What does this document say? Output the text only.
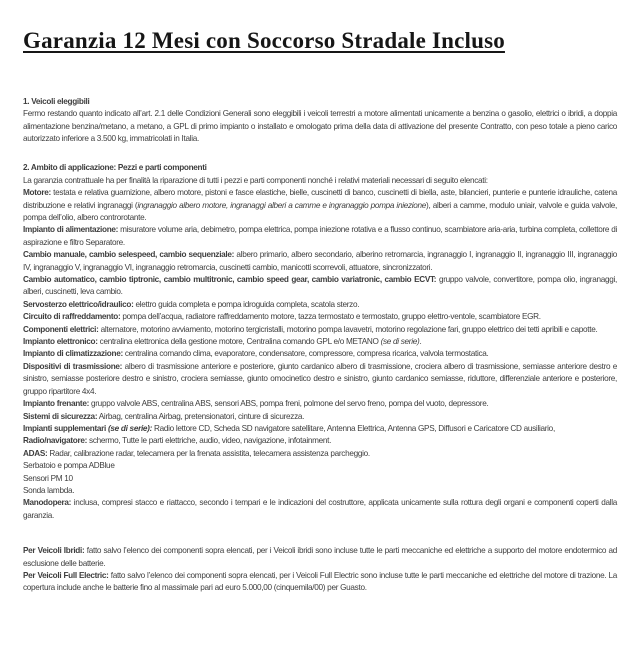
Garanzia 12 Mesi con Soccorso Stradale Incluso

1. Veicoli eleggibili

Fermo restando quanto indicato all’art. 2.1 delle Condizioni Generali sono eleggibili i veicoli terrestri a motore alimentati unicamente a benzina o gasolio, elettrici o ibridi, a doppia alimentazione benzina/metano, a metano, a GPL di primo impianto o installato e omologato prima della data di attivazione del presente Contratto, con peso totale a pieno carico autorizzato inferiore a 3.500 kg, immatricolati in Italia.

2. Ambito di applicazione: Pezzi e parti componenti

La garanzia contrattuale ha per finalità la riparazione di tutti i pezzi e parti componenti nonché i relativi materiali necessari di seguito elencati:

Motore: testata e relativa guarnizione, albero motore, pistoni e fasce elastiche, bielle, cuscinetti di banco, cuscinetti di biella, aste, bilancieri, punterie e punterie idrauliche, catena distribuzione e relativi ingranaggi (ingranaggio albero motore, ingranaggi alberi a camme e ingranaggio pompa iniezione), alberi a camme, modulo uniair, valvole e guida valvole, pompa dell’olio, albero controrotante.

Impianto di alimentazione: misuratore volume aria, debimetro, pompa elettrica, pompa iniezione rotativa e a flusso continuo, scambiatore aria-aria, turbina completa, collettore di aspirazione e filtro Separatore.

Cambio manuale, cambio selespeed, cambio sequenziale: albero primario, albero secondario, alberino retromarcia, ingranaggio I, ingranaggio II, ingranaggio III, ingranaggio IV, ingranaggio V, ingranaggio VI, ingranaggio retromarcia, cuscinetti cambio, manicotti scorrevoli, attuatore, sincronizzatori.

Cambio automatico, cambio tiptronic, cambio multitronic, cambio speed gear, cambio variatronic, cambio ECVT: gruppo valvole, convertitore, pompa olio, ingranaggi, alberi, cuscinetti, leva cambio.

Servosterzo elettrico/idraulico: elettro guida completa e pompa idroguida completa, scatola sterzo.

Circuito di raffreddamento: pompa dell’acqua, radiatore raffreddamento motore, tazza termostato e termostato, gruppo elettro-ventole, scambiatore EGR.

Componenti elettrici: alternatore, motorino avviamento, motorino tergicristalli, motorino pompa lavavetri, motorino regolazione fari, gruppo elettrico dei tetti apribili e capotte.

Impianto elettronico: centralina elettronica della gestione motore, Centralina comando GPL e/o METANO (se di serie).

Impianto di climatizzazione: centralina comando clima, evaporatore, condensatore, compressore, compresa ricarica, valvola termostatica.

Dispositivi di trasmissione: albero di trasmissione anteriore e posteriore, giunto cardanico albero di trasmissione, crociera albero di trasmissione, semiasse anteriore destro e sinistro, semiasse posteriore destro e sinistro, crociera semiasse, giunto omocinetico destro e sinistro, giunto cardanico semiasse, riduttore, differenziale anteriore e posteriore, gruppo ripartitore 4x4.

Impianto frenante: gruppo valvole ABS, centralina ABS, sensori ABS, pompa freni, polmone del servo freno, pompa del vuoto, depressore.

Sistemi di sicurezza: Airbag, centralina Airbag, pretensionatori, cinture di sicurezza.

Impianti supplementari (se di serie): Radio lettore CD, Scheda SD navigatore satellitare, Antenna Elettrica, Antenna GPS, Diffusori e Caricatore CD ausiliario,

Radio/navigatore: schermo, Tutte le parti elettriche, audio, video, navigazione, infotainment.

ADAS: Radar, calibrazione radar, telecamera per la frenata assistita, telecamera assistenza parcheggio.

Serbatoio e pompa ADBlue

Sensori PM 10

Sonda lambda.

Manodopera: inclusa, compresi stacco e riattacco, secondo i tempari e le indicazioni del costruttore, applicata unicamente sulla rottura degli organi e componenti coperti dalla garanzia.

Per Veicoli Ibridi: fatto salvo l’elenco dei componenti sopra elencati, per i Veicoli ibridi sono incluse tutte le parti meccaniche ed elettriche a supporto del motore endotermico ad esclusione delle batterie.

Per Veicoli Full Electric: fatto salvo l’elenco dei componenti sopra elencati, per i Veicoli Full Electric sono incluse tutte le parti meccaniche ed elettriche del motore di trazione. La copertura include anche le batterie fino al massimale pari ad euro 5.000,00 (cinquemila/00) per Guasto.
